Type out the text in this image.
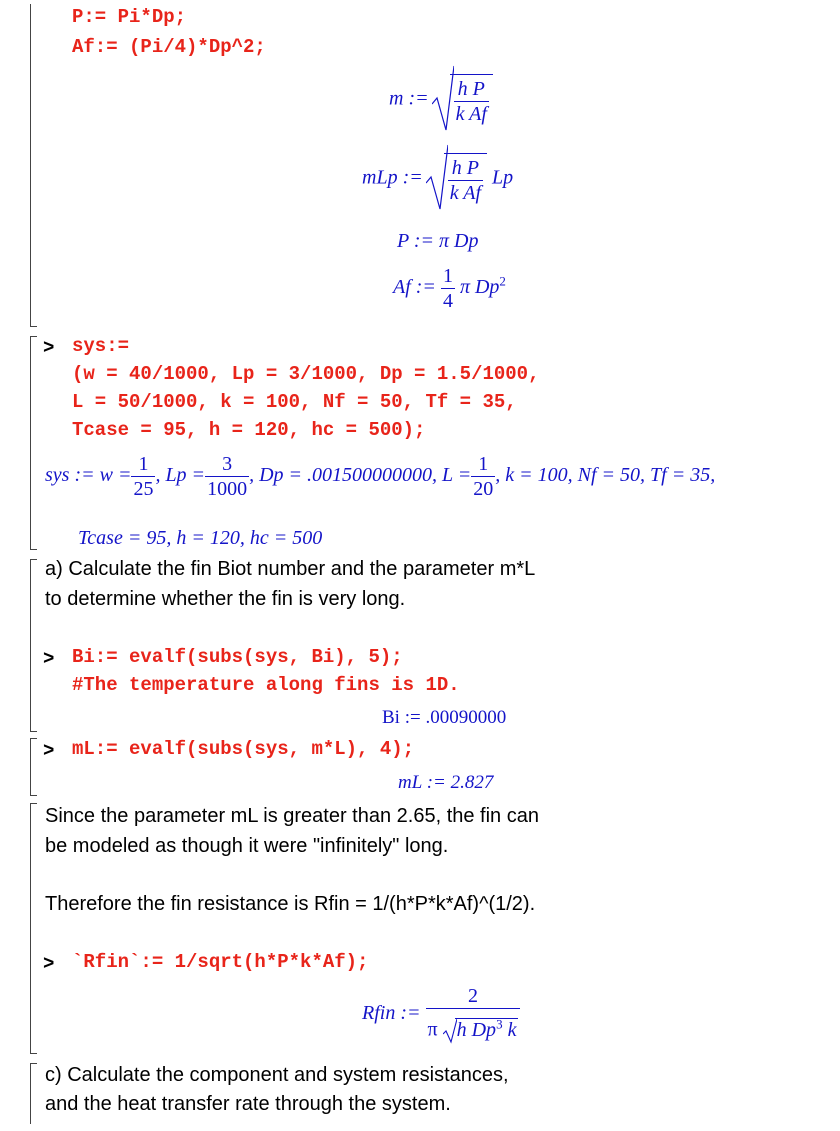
P:= Pi*Dp;
Af:= (Pi/4)*Dp^2;
m := $\frac{\text{h P}}{\text{k Af}}$
mLp := $\frac{\text{h P}}{\text{k Af}}$ Lp
P := π Dp
Af := $\frac{1}{4}$ π $Dp^2$
> sys:=
(w = 40/1000, Lp = 3/1000, Dp = 1.5/1000,
L = 50/1000, k = 100, Nf = 50, Tf = 35,
Tcase = 95, h = 120, hc = 500);
sys := $w = \frac{1}{25}$ , $Lp = \frac{3}{1000}$ , Dp = .001500000000, $L = \frac{1}{20}$ , k = 100, Nf = 50, Tf = 35,
Tcase = 95, h = 120, hc = 500
a) Calculate the fin Biot number and the parameter m*L
to determine whether the fin is very long.
> Bi:= evalf(subs(sys, Bi), 5);
#The temperature along fins is 1D.
Bi := .00090000
> mL:= evalf(subs(sys, m*L), 4);
mL := 2.827
Since the parameter mL is greater than 2.65, the fin can
be modeled as though it were "infinitely" long.
Therefore the fin resistance is Rfin = 1/(h*P*k*Af)^(1/2).
> `Rfin`:= 1/sqrt(h*P*k*Af);
Rfin := $\frac{2}{\pi h Dp^3 k}$
c) Calculate the component and system resistances,
and the heat transfer rate through the system.
